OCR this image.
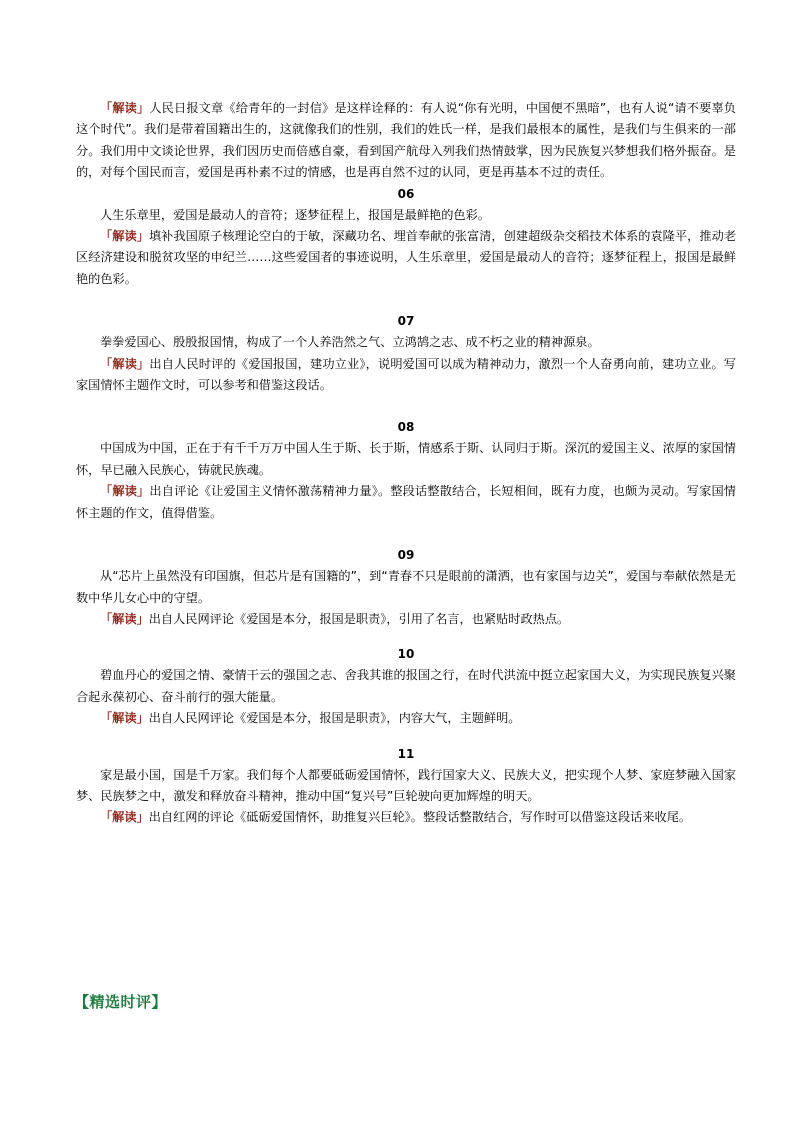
「解读」人民日报文章《给青年的一封信》是这样诠释的：有人说“你有光明，中国便不黑暗”，也有人说“请不要辜负这个时代”。我们是带着国籍出生的，这就像我们的性别，我们的姓氏一样，是我们最根本的属性，是我们与生俱来的一部分。我们用中文谈论世界，我们因历史而倍感自豪，看到国产航母入列我们热情鼓掌，因为民族复兴梦想我们格外振奋。是的，对每个国民而言，爱国是再朴素不过的情感，也是再自然不过的认同，更是再基本不过的责任。

06

人生乐章里，爱国是最动人的音符；逐梦征程上，报国是最鲜艳的色彩。

「解读」填补我国原子核理论空白的于敏，深藏功名、埋首奉献的张富清，创建超级杂交稻技术体系的袁隆平，推动老区经济建设和脱贫攻坚的申纪兰……这些爱国者的事迹说明，人生乐章里，爱国是最动人的音符；逐梦征程上，报国是最鲜艳的色彩。

07

拳拳爱国心、殷殷报国情，构成了一个人养浩然之气、立鸿鹄之志、成不朽之业的精神源泉。

「解读」出自人民时评的《爱国报国，建功立业》，说明爱国可以成为精神动力，激烈一个人奋勇向前，建功立业。写家国情怀主题作文时，可以参考和借鉴这段话。

08

中国成为中国，正在于有千千万万中国人生于斯、长于斯，情感系于斯、认同归于斯。深沉的爱国主义、浓厚的家国情怀，早已融入民族心，铸就民族魂。

「解读」出自评论《让爱国主义情怀激荡精神力量》。整段话整散结合，长短相间，既有力度，也颇为灵动。写家国情怀主题的作文，值得借鉴。

09

从“芯片上虽然没有印国旗，但芯片是有国籍的”，到“青春不只是眼前的潇洒，也有家国与边关”，爱国与奉献依然是无数中华儿女心中的守望。

「解读」出自人民网评论《爱国是本分，报国是职责》，引用了名言，也紧贴时政热点。

10

碧血丹心的爱国之情、豪情干云的强国之志、舍我其谁的报国之行，在时代洪流中挺立起家国大义，为实现民族复兴聚合起永葆初心、奋斗前行的强大能量。

「解读」出自人民网评论《爱国是本分，报国是职责》，内容大气，主题鲜明。

11

家是最小国，国是千万家。我们每个人都要砥砺爱国情怀，践行国家大义、民族大义，把实现个人梦、家庭梦融入国家梦、民族梦之中，激发和释放奋斗精神，推动中国“复兴号”巨轮驶向更加辉煌的明天。

「解读」出自红网的评论《砥砺爱国情怀，助推复兴巨轮》。整段话整散结合，写作时可以借鉴这段话来收尾。

【精选时评】
